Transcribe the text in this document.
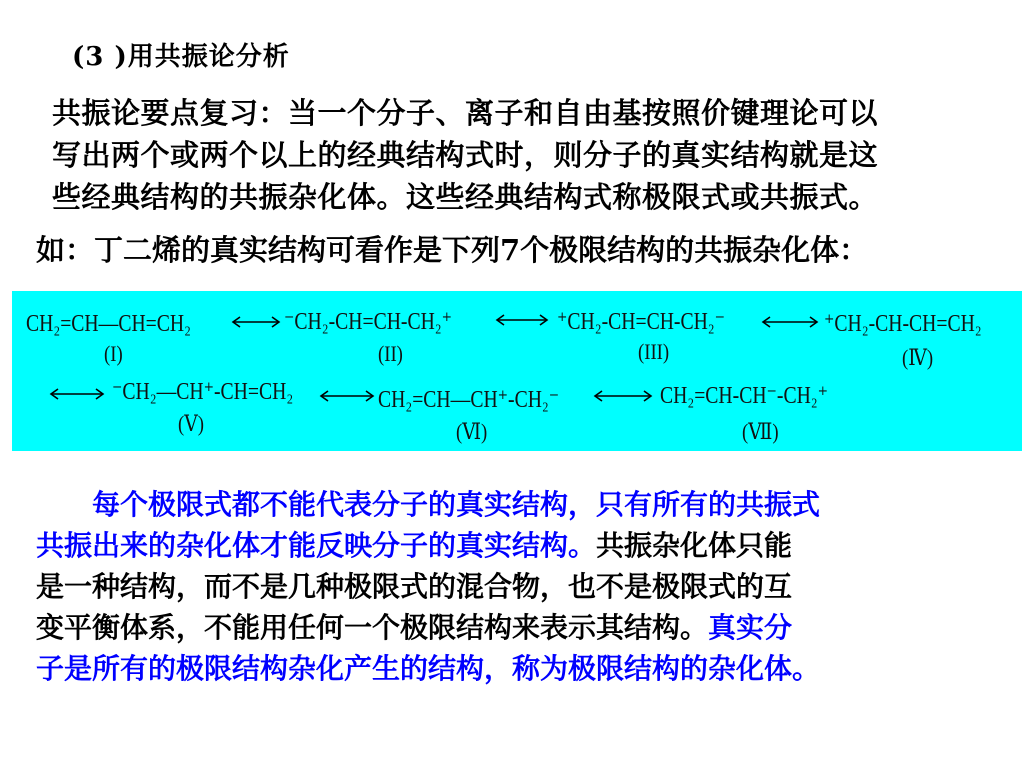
(3 )用共振论分析
共振论要点复习：当一个分子、离子和自由基按照价键理论可以
写出两个或两个以上的经典结构式时，则分子的真实结构就是这
些经典结构的共振杂化体。这些经典结构式称极限式或共振式。
如：丁二烯的真实结构可看作是下列7个极限结构的共振杂化体：
CH₂=CH—CH=CH₂	⁻CH₂-CH=CH-CH₂⁺	⁺CH₂-CH=CH-CH₂⁻	⁺CH₂-CH-CH=CH₂
(I)	(II)	(III)	(Ⅳ)
⁻CH₂—CH⁺-CH=CH₂	CH₂=CH—CH⁺-CH₂⁻	CH₂=CH-CH⁻-CH₂⁺
(Ⅴ)	(Ⅵ)	(Ⅶ)
每个极限式都不能代表分子的真实结构，只有所有的共振式
共振出来的杂化体才能反映分子的真实结构。共振杂化体只能
是一种结构，而不是几种极限式的混合物，也不是极限式的互
变平衡体系，不能用任何一个极限结构来表示其结构。真实分
子是所有的极限结构杂化产生的结构，称为极限结构的杂化体。
